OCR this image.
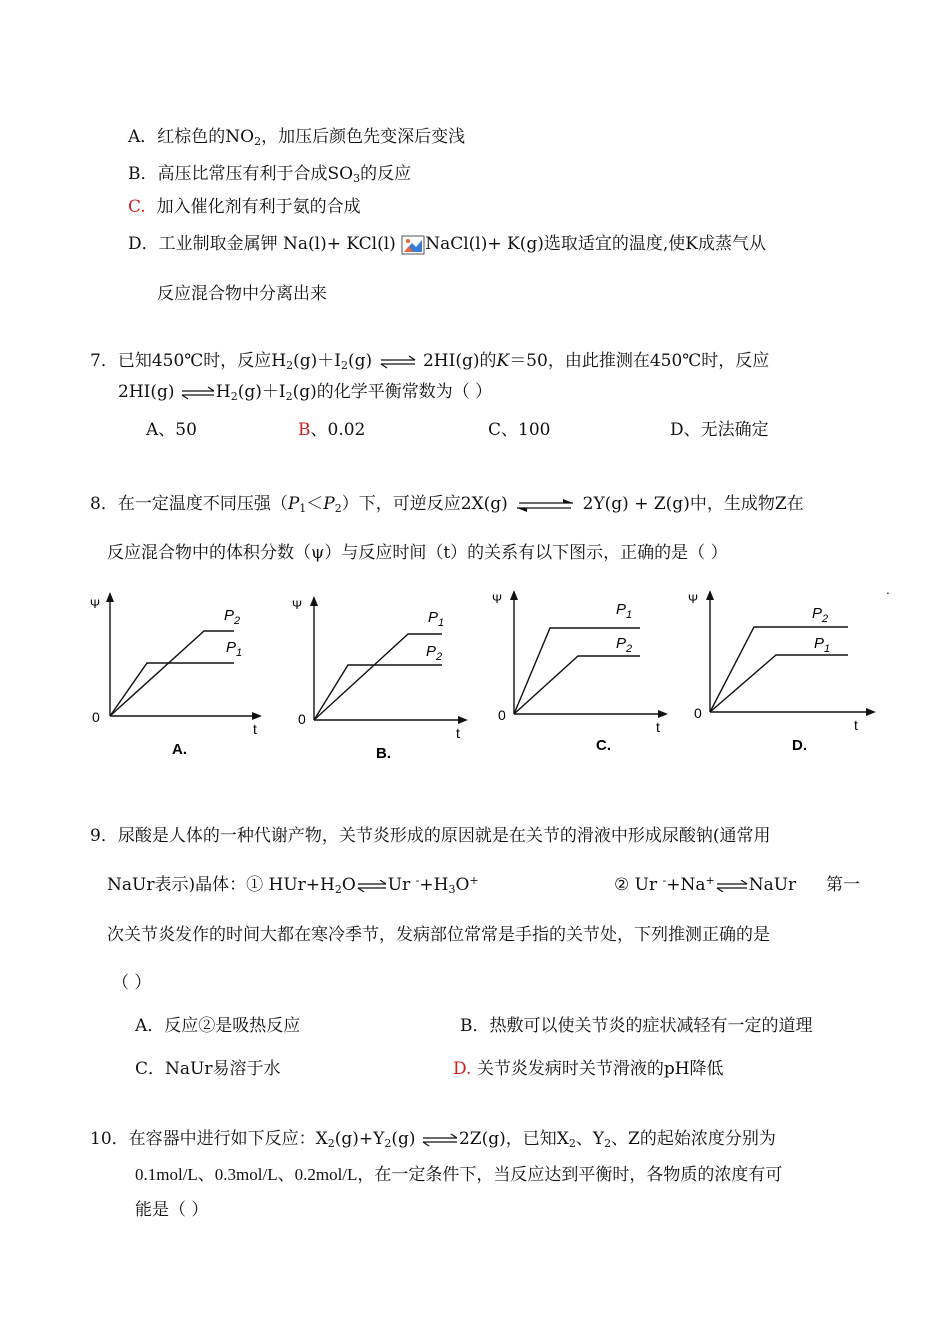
A．红棕色的$NO_2$，加压后颜色先变深后变浅
B．高压比常压有利于合成$SO_3$的反应
C. 加入催化剂有利于氨的合成
D．工业制取金属钾 Na(l)+ KCl(l) NaCl(l)+ K(g)选取适宜的温度,使K成蒸气从
反应混合物中分离出来
7．已知450℃时，反应$H_2(g)+I_2(g)$ ⇌ 2HI(g)的K＝50，由此推测在450℃时，反应
2HI(g) $\rightleftharpoons H_2(g)+I_2(g)$的化学平衡常数为（ ）
A、50	B、0.02	C、100	D、无法确定
8．在一定温度不同压强$(P_1<P_2)$下，可逆反应2X(g) ⇌ 2Y(g) + Z(g)中，生成物Z在
反应混合物中的体积分数（ψ）与反应时间（t）的关系有以下图示，正确的是（ ）
.
Ψ
0
t
$P_2$
$P_1$
A.
Ψ
0
t
$P_1$
$P_2$
B.
Ψ
0
t
$P_1$
$P_2$
C.
Ψ
0
t
$P_2$
$P_1$
D.
9．尿酸是人体的一种代谢产物，关节炎形成的原因就是在关节的滑液中形成尿酸钠(通常用
NaUr表示)晶体：① $HUr+H_2O\rightleftharpoons Ur$ $^-+H_3O^+$	② Ur -+Na+⇌NaUr 第一
次关节炎发作的时间大都在寒冷季节，发病部位常常是手指的关节处，下列推测正确的是
（ ）
A．反应②是吸热反应	B．热敷可以使关节炎的症状减轻有一定的道理
C．NaUr易溶于水	D. 关节炎发病时关节滑液的pH降低
10．在容器中进行如下反应：$X_2(g)+Y_2(g)$ ⇌2Z(g)，已知$X_2$、$Y_2$、Z的起始浓度分别为
0.1mol/L、0.3mol/L、0.2mol/L，在一定条件下，当反应达到平衡时，各物质的浓度有可
能是（ ）
